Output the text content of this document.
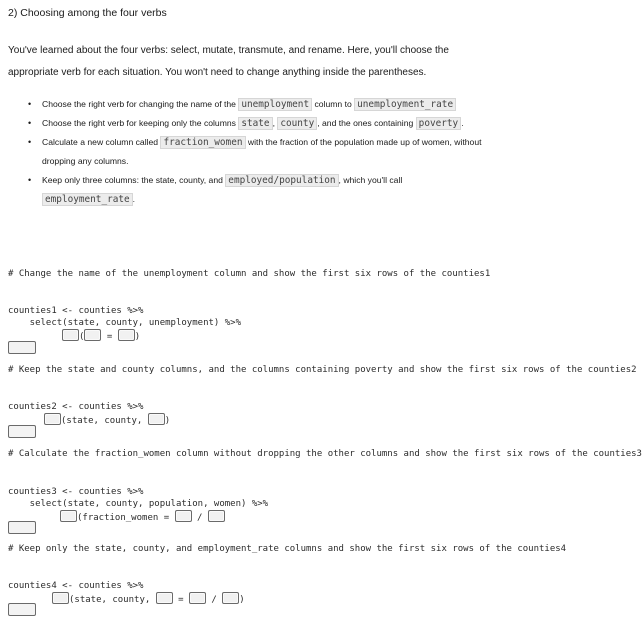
2) Choosing among the four verbs
You've learned about the four verbs: select, mutate, transmute, and rename. Here, you'll choose the appropriate verb for each situation. You won't need to change anything inside the parentheses.
• Choose the right verb for changing the name of the unemployment column to unemployment_rate
• Choose the right verb for keeping only the columns state , county , and the ones containing poverty .
• Calculate a new column called fraction_women with the fraction of the population made up of women, without dropping any columns.
• Keep only three columns: the state, county, and employed/population , which you'll call employment_rate .
# Change the name of the unemployment column and show the first six rows of the counties1
counties1 <- counties %>%
select(state, county, unemployment) %>%
( = )
# Keep the state and county columns, and the columns containing poverty and show the first six rows of the counties2
counties2 <- counties %>%
(state, county, )
# Calculate the fraction_women column without dropping the other columns and show the first six rows of the counties3
counties3 <- counties %>%
select(state, county, population, women) %>%
(fraction_women =  /
# Keep only the state, county, and employment_rate columns and show the first six rows of the counties4
counties4 <- counties %>%
(state, county,  =  / )
